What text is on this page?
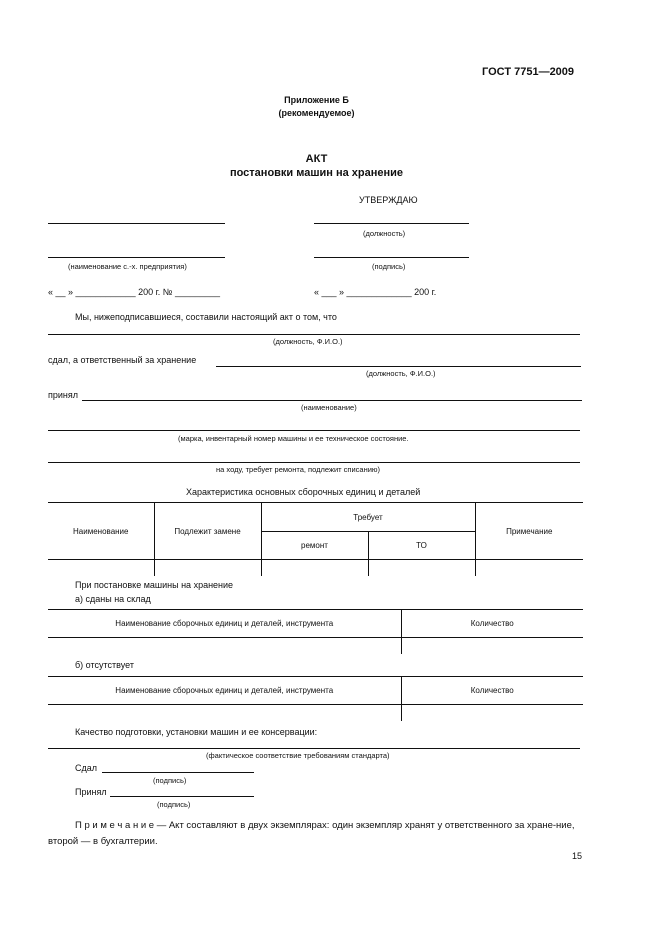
ГОСТ 7751—2009
Приложение Б
(рекомендуемое)
АКТ
постановки машин на хранение
УТВЕРЖДАЮ
(должность)
(наименование с.-х. предприятия)	(подпись)
« __ » ____________ 200 г. № _________	« ___ » _____________ 200 г.
Мы, нижеподписавшиеся, составили настоящий акт о том, что
(должность, Ф.И.О.)
сдал, а ответственный за хранение
(должность, Ф.И.О.)
принял
(наименование)
(марка, инвентарный номер машины и ее техническое состояние.
на ходу, требует ремонта, подлежит списанию)
Характеристика основных сборочных единиц и деталей
Наименование	Подлежит замене	Требует		Примечание
		ремонт	ТО	

При постановке машины на хранение
а) сданы на склад
Наименование сборочных единиц и деталей, инструмента	Количество

б) отсутствует
Наименование сборочных единиц и деталей, инструмента	Количество

Качество подготовки, установки машин и ее консервации:
(фактическое соответствие требованиям стандарта)
Сдал
(подпись)
Принял
(подпись)
П р и м е ч а н и е — Акт составляют в двух экземплярах: один экземпляр хранят у ответственного за хране-ние, второй — в бухгалтерии.
15
